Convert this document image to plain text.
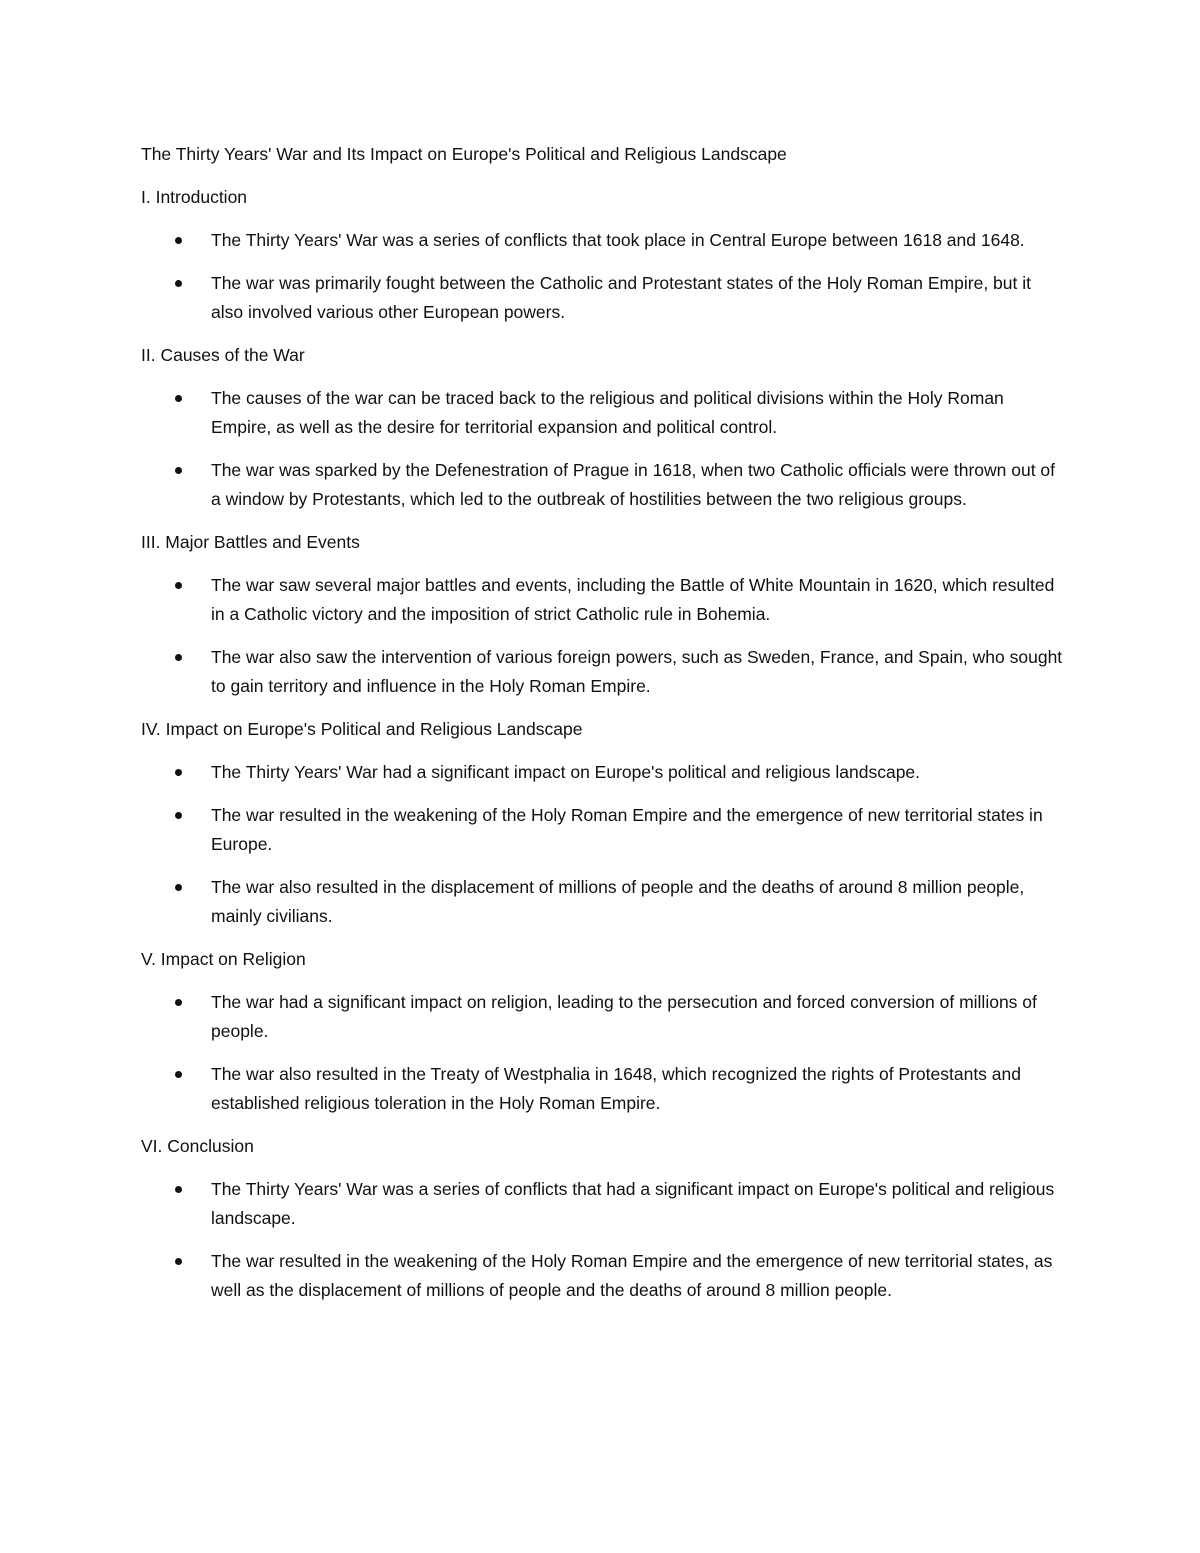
The Thirty Years' War and Its Impact on Europe's Political and Religious Landscape

I. Introduction

The Thirty Years' War was a series of conflicts that took place in Central Europe between 1618 and 1648.
The war was primarily fought between the Catholic and Protestant states of the Holy Roman Empire, but it also involved various other European powers.

II. Causes of the War

The causes of the war can be traced back to the religious and political divisions within the Holy Roman Empire, as well as the desire for territorial expansion and political control.
The war was sparked by the Defenestration of Prague in 1618, when two Catholic officials were thrown out of a window by Protestants, which led to the outbreak of hostilities between the two religious groups.

III. Major Battles and Events

The war saw several major battles and events, including the Battle of White Mountain in 1620, which resulted in a Catholic victory and the imposition of strict Catholic rule in Bohemia.
The war also saw the intervention of various foreign powers, such as Sweden, France, and Spain, who sought to gain territory and influence in the Holy Roman Empire.

IV. Impact on Europe's Political and Religious Landscape

The Thirty Years' War had a significant impact on Europe's political and religious landscape.
The war resulted in the weakening of the Holy Roman Empire and the emergence of new territorial states in Europe.
The war also resulted in the displacement of millions of people and the deaths of around 8 million people, mainly civilians.

V. Impact on Religion

The war had a significant impact on religion, leading to the persecution and forced conversion of millions of people.
The war also resulted in the Treaty of Westphalia in 1648, which recognized the rights of Protestants and established religious toleration in the Holy Roman Empire.

VI. Conclusion

The Thirty Years' War was a series of conflicts that had a significant impact on Europe's political and religious landscape.
The war resulted in the weakening of the Holy Roman Empire and the emergence of new territorial states, as well as the displacement of millions of people and the deaths of around 8 million people.
